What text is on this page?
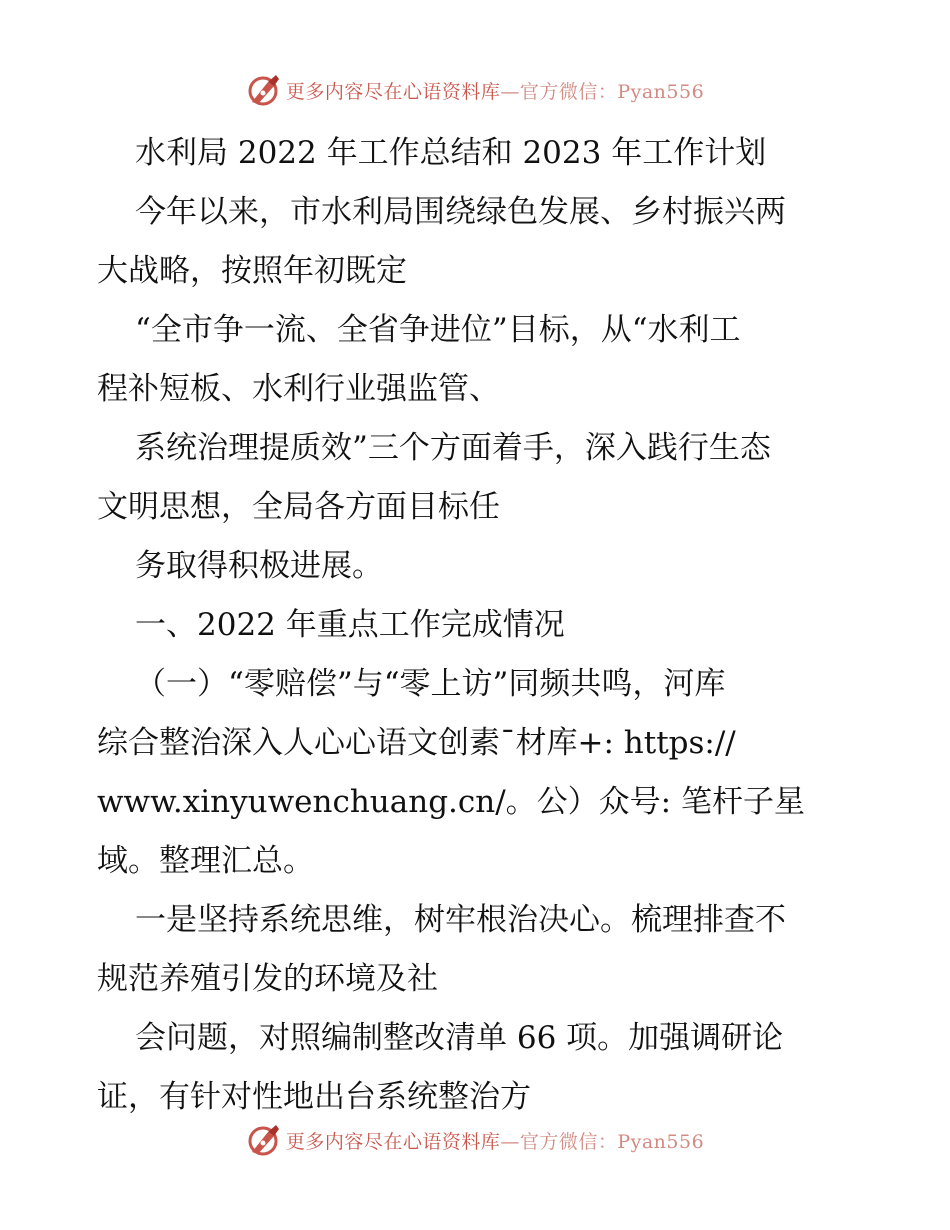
更多内容尽在心语资料库—官方微信：Pyan556
水利局 2022 年工作总结和 2023 年工作计划
今年以来，市水利局围绕绿色发展、乡村振兴两
大战略，按照年初既定
“全市争一流、全省争进位”目标，从“水利工
程补短板、水利行业强监管、
系统治理提质效”三个方面着手，深入践行生态
文明思想，全局各方面目标任
务取得积极进展。
一、2022 年重点工作完成情况
（一）“零赔偿”与“零上访”同频共鸣，河库
综合整治深入人心心语文创素¯材库+: https://
www.xinyuwenchuang.cn/。公）众号: 笔杆子星
域。整理汇总。
一是坚持系统思维，树牢根治决心。梳理排查不
规范养殖引发的环境及社
会问题，对照编制整改清单 66 项。加强调研论
证，有针对性地出台系统整治方
更多内容尽在心语资料库—官方微信：Pyan556
